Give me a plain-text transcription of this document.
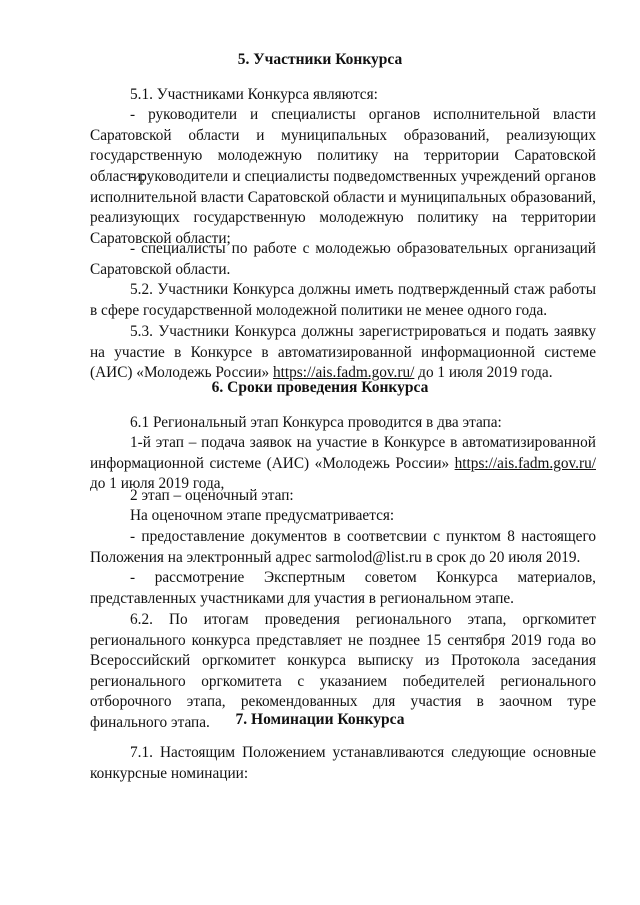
5. Участники Конкурса

5.1. Участниками Конкурса являются:

- руководители и специалисты органов исполнительной власти Саратовской области и муниципальных образований, реализующих государственную молодежную политику на территории Саратовской области;

- руководители и специалисты подведомственных учреждений органов исполнительной власти Саратовской области и муниципальных образований, реализующих государственную молодежную политику на территории Саратовской области;

- специалисты по работе с молодежью образовательных организаций Саратовской области.

5.2. Участники Конкурса должны иметь подтвержденный стаж работы в сфере государственной молодежной политики не менее одного года.

5.3. Участники Конкурса должны зарегистрироваться и подать заявку на участие в Конкурсе в автоматизированной информационной системе (АИС) «Молодежь России» https://ais.fadm.gov.ru/ до 1 июля 2019 года.

6. Сроки проведения Конкурса

6.1 Региональный этап Конкурса проводится в два этапа:

1-й этап – подача заявок на участие в Конкурсе в автоматизированной информационной системе (АИС) «Молодежь России» https://ais.fadm.gov.ru/ до 1 июля 2019 года,

2 этап – оценочный этап:

На оценочном этапе предусматривается:

- предоставление документов в соответсвии с пунктом 8 настоящего Положения на электронный адрес sarmolod@list.ru в срок до 20 июля 2019.

- рассмотрение Экспертным советом Конкурса материалов, представленных участниками для участия в региональном этапе.

6.2. По итогам проведения регионального этапа, оргкомитет регионального конкурса представляет не позднее 15 сентября 2019 года во Всероссийский оргкомитет конкурса выписку из Протокола заседания регионального оргкомитета с указанием победителей регионального отборочного этапа, рекомендованных для участия в заочном туре финального этапа.	7. Номинации Конкурса

7.1. Настоящим Положением устанавливаются следующие основные конкурсные номинации:
